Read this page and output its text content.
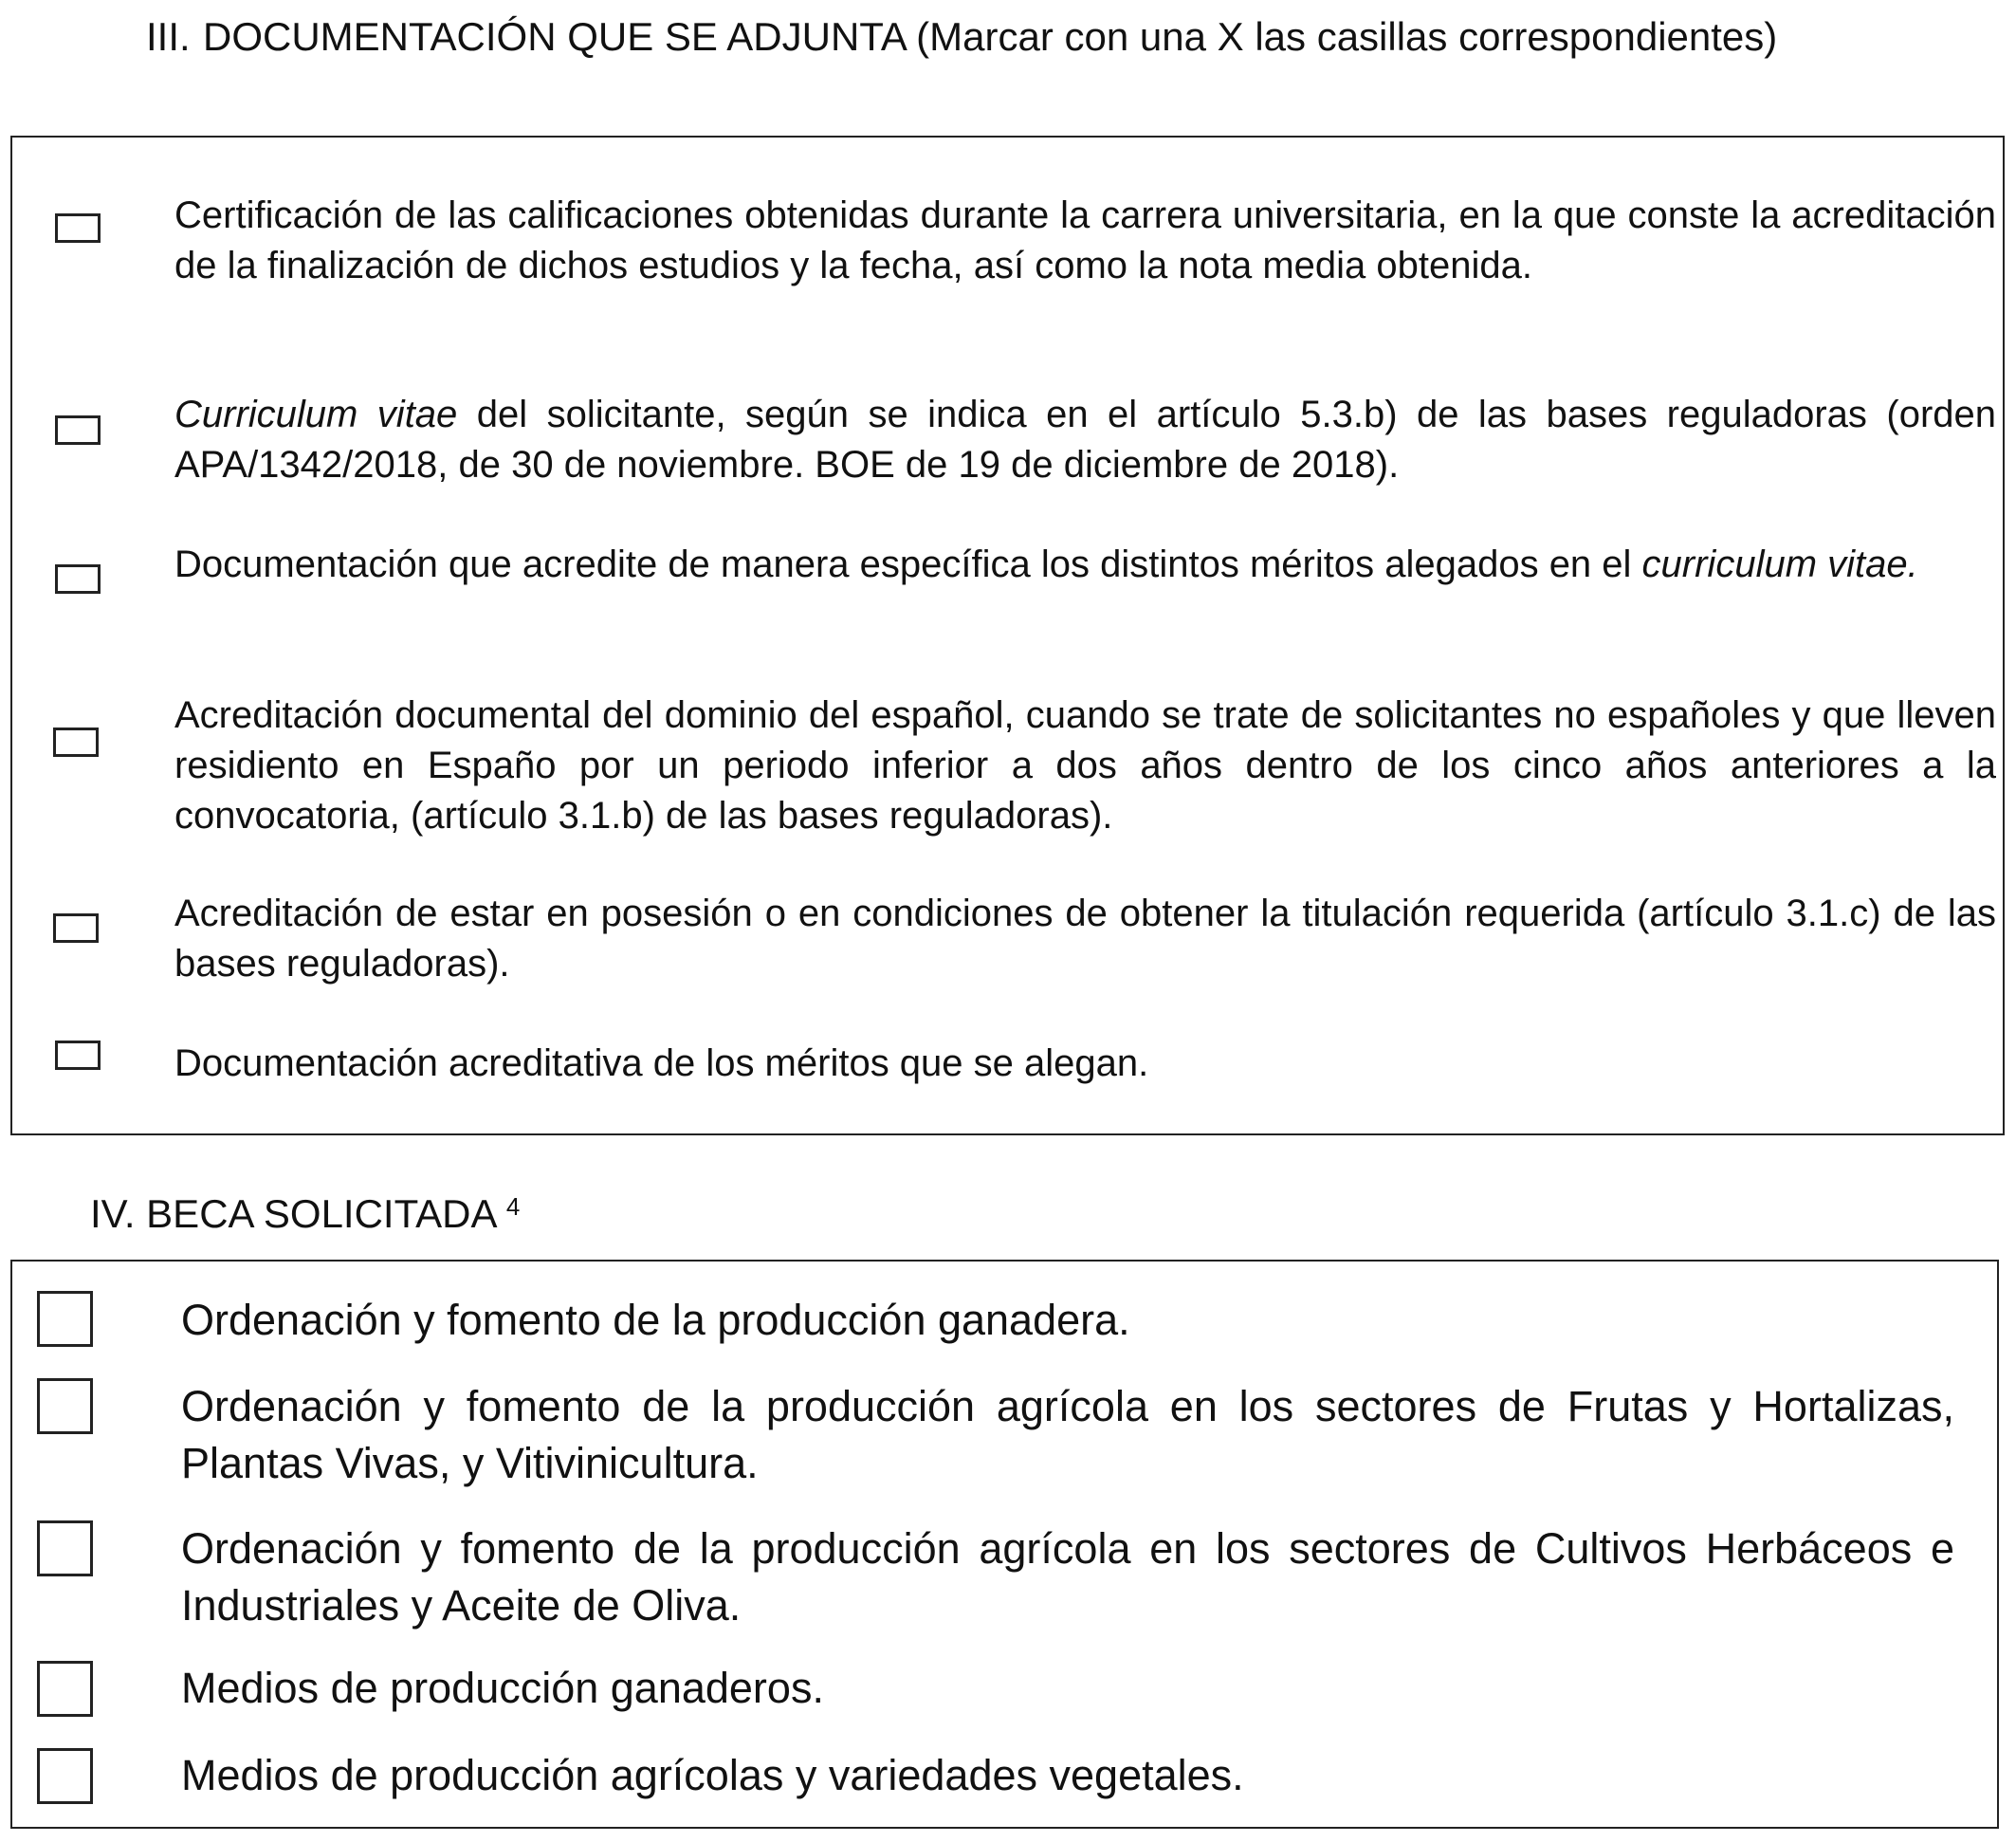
III. DOCUMENTACIÓN QUE SE ADJUNTA (Marcar con una X las casillas correspondientes)
Certificación de las calificaciones obtenidas durante la carrera universitaria, en la que conste la acreditación de la finalización de dichos estudios y la fecha, así como la nota media obtenida.
Curriculum vitae del solicitante, según se indica en el artículo 5.3.b) de las bases reguladoras (orden APA/1342/2018, de 30 de noviembre. BOE de 19 de diciembre de 2018).
Documentación que acredite de manera específica los distintos méritos alegados en el curriculum vitae.
Acreditación documental del dominio del español, cuando se trate de solicitantes no españoles y que lleven residiento en Españo por un periodo inferior a dos años dentro de los cinco años anteriores a la convocatoria, (artículo 3.1.b) de las bases reguladoras).
Acreditación de estar en posesión o en condiciones de obtener la titulación requerida (artículo 3.1.c) de las bases reguladoras).
Documentación acreditativa de los méritos que se alegan.
IV. BECA SOLICITADA $^4$
Ordenación y fomento de la producción ganadera.
Ordenación y fomento de la producción agrícola en los sectores de Frutas y Hortalizas, Plantas Vivas, y Vitivinicultura.
Ordenación y fomento de la producción agrícola en los sectores de Cultivos Herbáceos e Industriales y Aceite de Oliva.
Medios de producción ganaderos.
Medios de producción agrícolas y variedades vegetales.
